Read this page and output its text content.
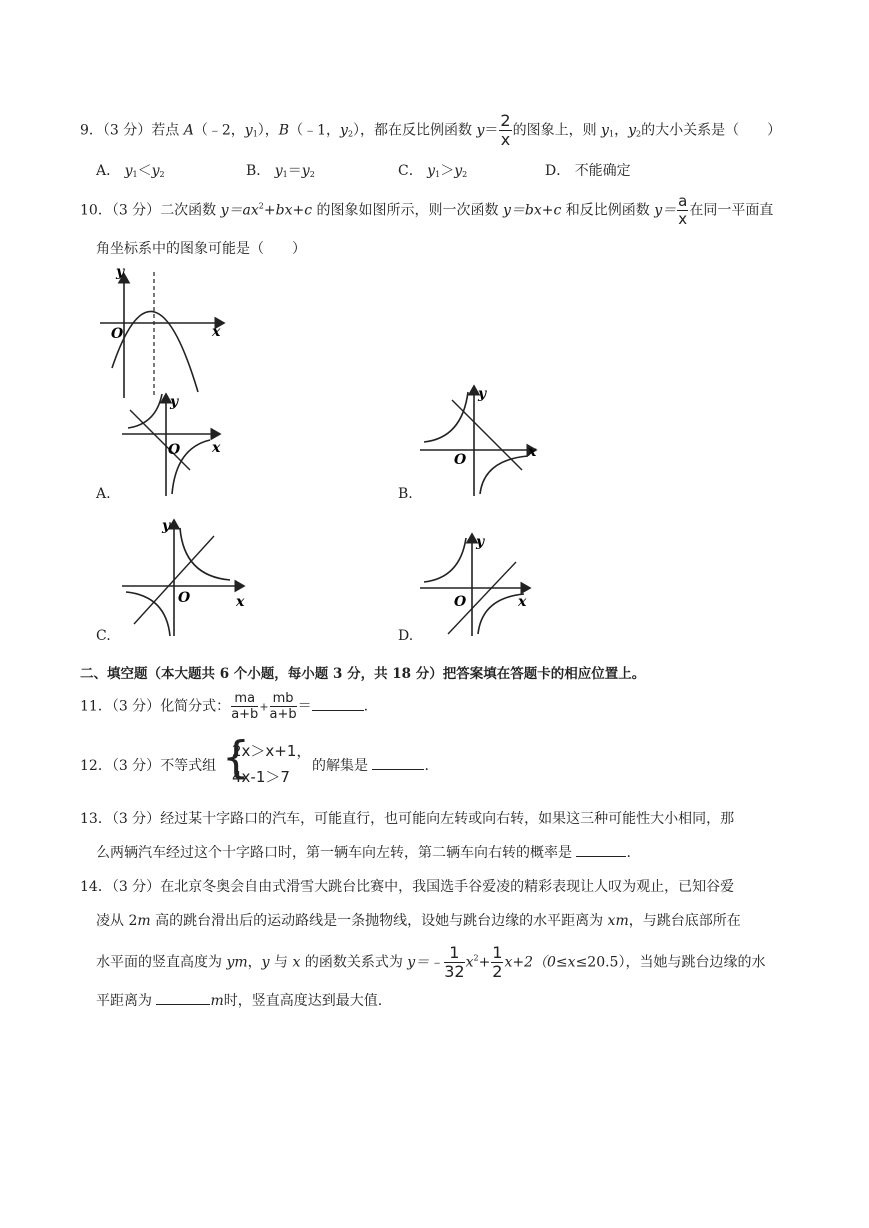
9．（3 分）若点 A（﹣2，$y_1$），B（﹣1，$y_2$），都在反比例函数 $y= \frac{2}{x}$ 的图象上，则 $y_1$，$y_2$的大小关系是（　　）
A． $y_1<y_2$	B． $y_1=y_2$	C． $y_1>y_2$	D． 不能确定
10．（3 分）二次函数 $y=ax^2+bx+c$ 的图象如图所示，则一次函数 y＝bx+c 和反比例函数 $y= \frac{a}{x}$ 在同一平面直
角坐标系中的图象可能是（　　）
y
x
O
y
x
O
A.
y
x
O
B.
y
x
O
C.
y
x
O
D.
二、填空题（本大题共 6 个小题，每小题 3 分，共 18 分）把答案填在答题卡的相应位置上。
11．（3 分）化简分式： $\frac{ma}{a+b} + \frac{mb}{a+b}$ ＝	.
12．（3 分）不等式组 {
2x＞x+1，
4x-1＞7
的解集是	.
13．（3 分）经过某十字路口的汽车，可能直行，也可能向左转或向右转，如果这三种可能性大小相同，那
么两辆汽车经过这个十字路口时，第一辆车向左转，第二辆车向右转的概率是	.
14．（3 分）在北京冬奥会自由式滑雪大跳台比赛中，我国选手谷爱凌的精彩表现让人叹为观止，已知谷爱
凌从 2m 高的跳台滑出后的运动路线是一条抛物线，设她与跳台边缘的水平距离为 xm，与跳台底部所在
水平面的竖直高度为 ym，y 与 x 的函数关系式为 y＝﹣ $\frac{1}{32} x^2+ \frac{1}{2} x+2(0\le x\le 20.5)$，当她与跳台边缘的水
平距离为	m时，竖直高度达到最大值.
